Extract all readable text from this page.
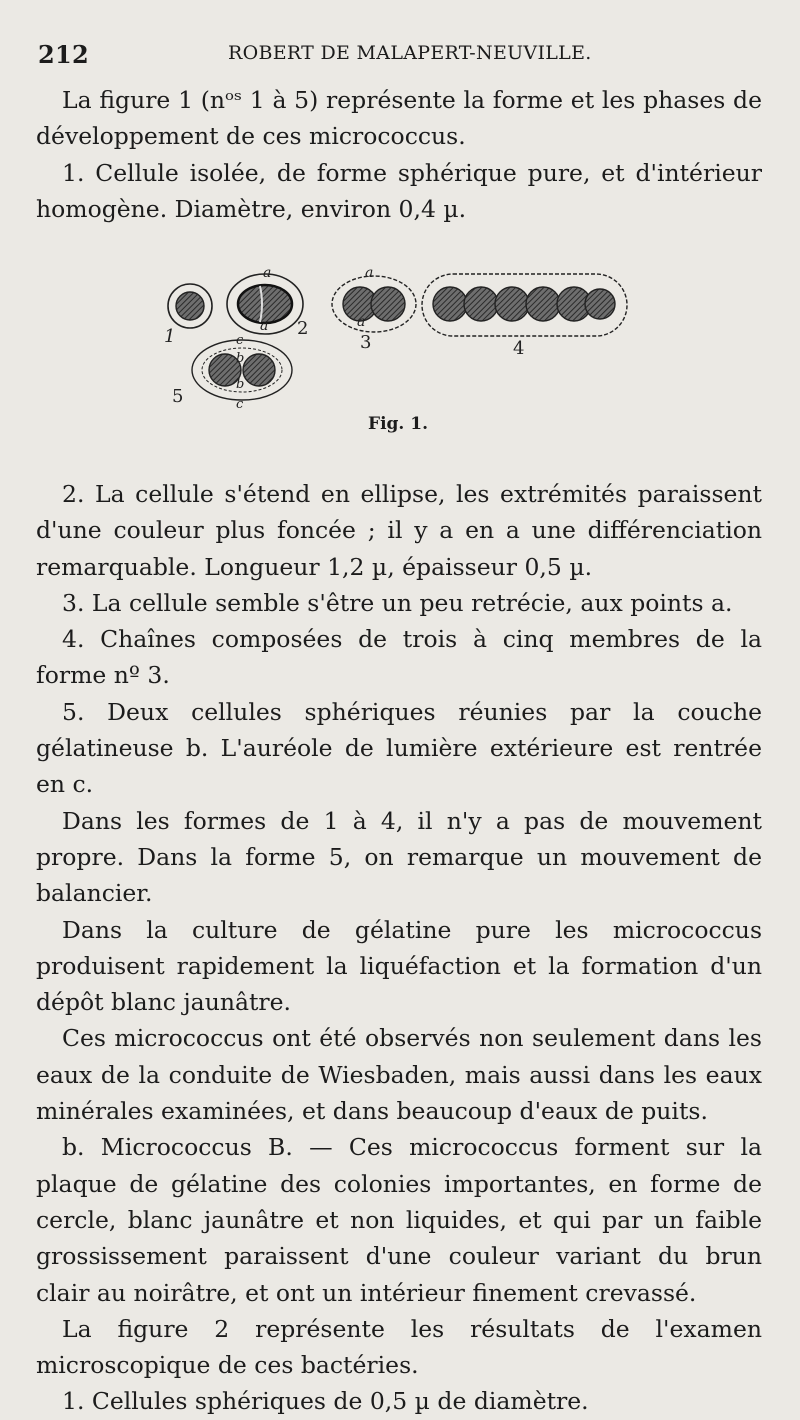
212	ROBERT DE MALAPERT-NEUVILLE.

La figure 1 (nᵒˢ 1 à 5) représente la forme et les phases de développement de ces micrococcus.

1. Cellule isolée, de forme sphérique pure, et d'intérieur homogène. Diamètre, environ 0,4 µ.

1	2
3	4
5
a
a
a
a
c
b
b
c
Fig. 1.

2. La cellule s'étend en ellipse, les extrémités paraissent d'une couleur plus foncée ; il y a en a une différenciation remarquable. Longueur 1,2 µ, épaisseur 0,5 µ.

3. La cellule semble s'être un peu retrécie, aux points a.

4. Chaînes composées de trois à cinq membres de la forme nº 3.

5. Deux cellules sphériques réunies par la couche gélatineuse b. L'auréole de lumière extérieure est rentrée en c.

Dans les formes de 1 à 4, il n'y a pas de mouvement propre. Dans la forme 5, on remarque un mouvement de balancier.

Dans la culture de gélatine pure les micrococcus produisent rapidement la liquéfaction et la formation d'un dépôt blanc jaunâtre.

Ces micrococcus ont été observés non seulement dans les eaux de la conduite de Wiesbaden, mais aussi dans les eaux minérales examinées, et dans beaucoup d'eaux de puits.

b. Micrococcus B. — Ces micrococcus forment sur la plaque de gélatine des colonies importantes, en forme de cercle, blanc jaunâtre et non liquides, et qui par un faible grossissement paraissent d'une couleur variant du brun clair au noirâtre, et ont un intérieur finement crevassé.

La figure 2 représente les résultats de l'examen microscopique de ces bactéries.

1. Cellules sphériques de 0,5 µ de diamètre.
